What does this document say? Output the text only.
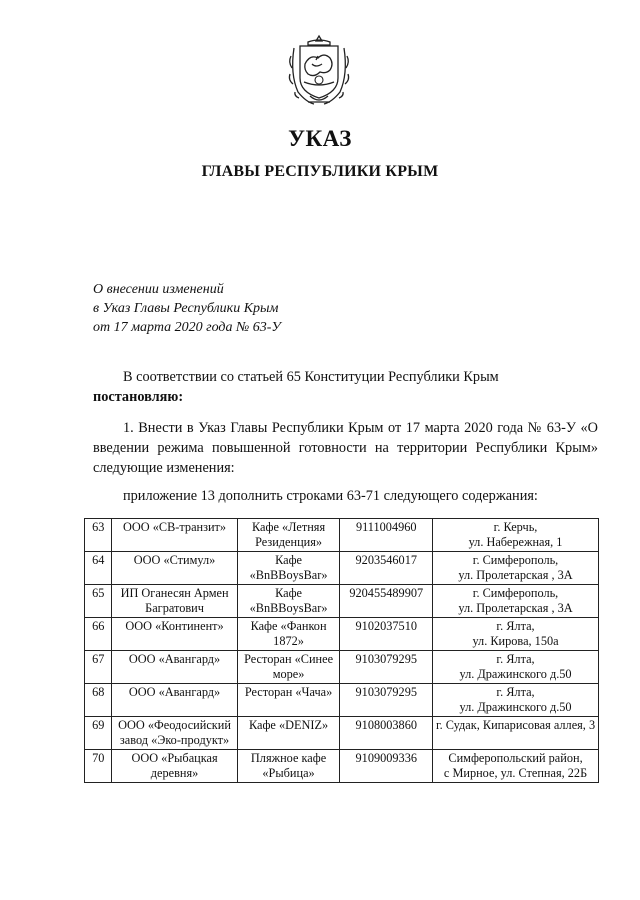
УКАЗ
ГЛАВЫ РЕСПУБЛИКИ КРЫМ
О внесении изменений
в Указ Главы Республики Крым
от 17 марта 2020 года № 63-У
В соответствии со статьей 65 Конституции Республики Крым
постановляю:
1. Внести в Указ Главы Республики Крым от 17 марта 2020 года № 63-У «О введении режима повышенной готовности на территории Республики Крым» следующие изменения:
приложение 13 дополнить строками 63-71 следующего содержания:
63	ООО «СВ-транзит»	Кафе «Летняя Резиденция»	9111004960	г. Керчь,
ул. Набережная, 1

64	ООО «Стимул»	Кафе «BnBBoysBar»	9203546017	г. Симферополь,
ул. Пролетарская , 3А

65	ИП Оганесян Армен Багратович	Кафе «BnBBoysBar»	920455489907	г. Симферополь,
ул. Пролетарская , 3А

66	ООО «Континент»	Кафе «Фанкон 1872»	9102037510	г. Ялта,
ул. Кирова, 150а

67	ООО «Авангард»	Ресторан «Синее море»	9103079295	г. Ялта,
ул. Дражинского д.50

68	ООО «Авангард»	Ресторан «Чача»	9103079295	г. Ялта,
ул. Дражинского д.50

69	ООО «Феодосийский завод «Эко-продукт»	Кафе «DENIZ»	9108003860	г. Судак, Кипарисовая аллея, 3

70	ООО «Рыбацкая деревня»	Пляжное кафе «Рыбица»	9109009336	Симферопольский район,
с Мирное, ул. Степная, 22Б
